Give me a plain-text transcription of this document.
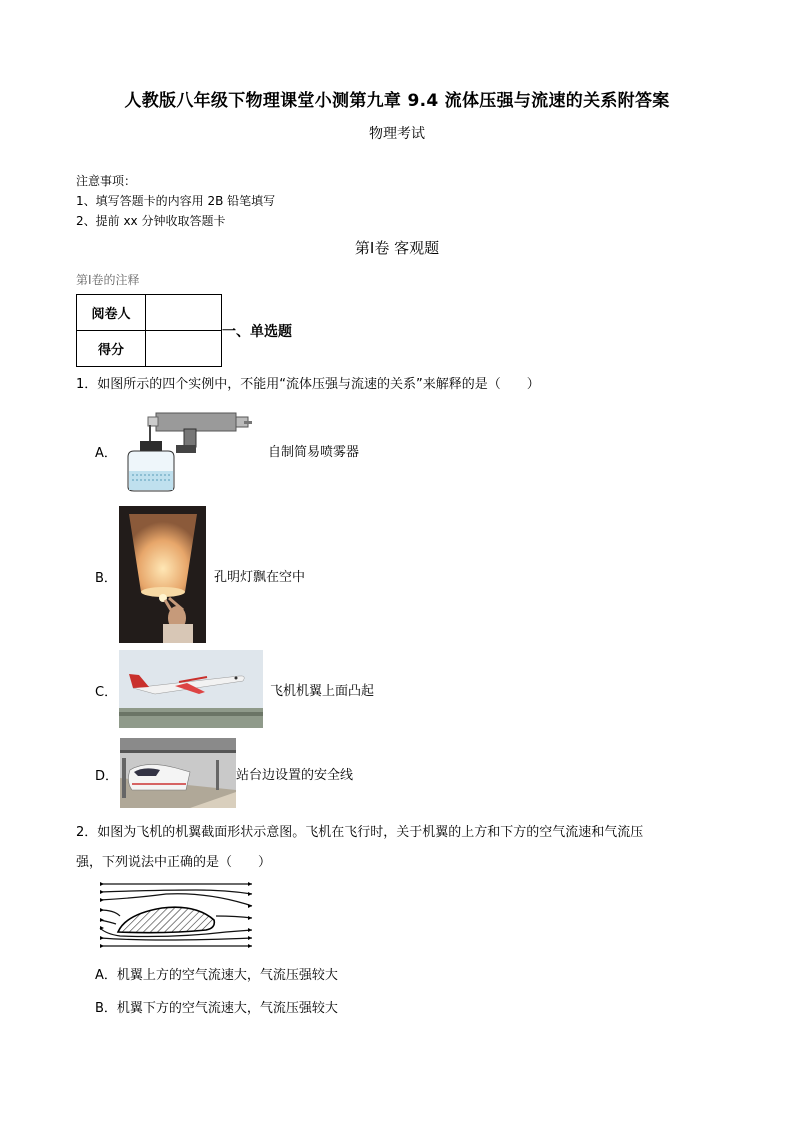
人教版八年级下物理课堂小测第九章 9.4 流体压强与流速的关系附答案
物理考试
注意事项：
1、填写答题卡的内容用 2B 铅笔填写
2、提前 xx 分钟收取答题卡
第Ⅰ卷 客观题
第Ⅰ卷的注释
阅卷人	
得分	
一、单选题
1．如图所示的四个实例中，不能用“流体压强与流速的关系”来解释的是（　　）
A．	自制简易喷雾器
B．	孔明灯飘在空中
C．	飞机机翼上面凸起
D．	站台边设置的安全线
2．如图为飞机的机翼截面形状示意图。飞机在飞行时，关于机翼的上方和下方的空气流速和气流压
强，下列说法中正确的是（　　）
A．机翼上方的空气流速大，气流压强较大
B．机翼下方的空气流速大，气流压强较大
